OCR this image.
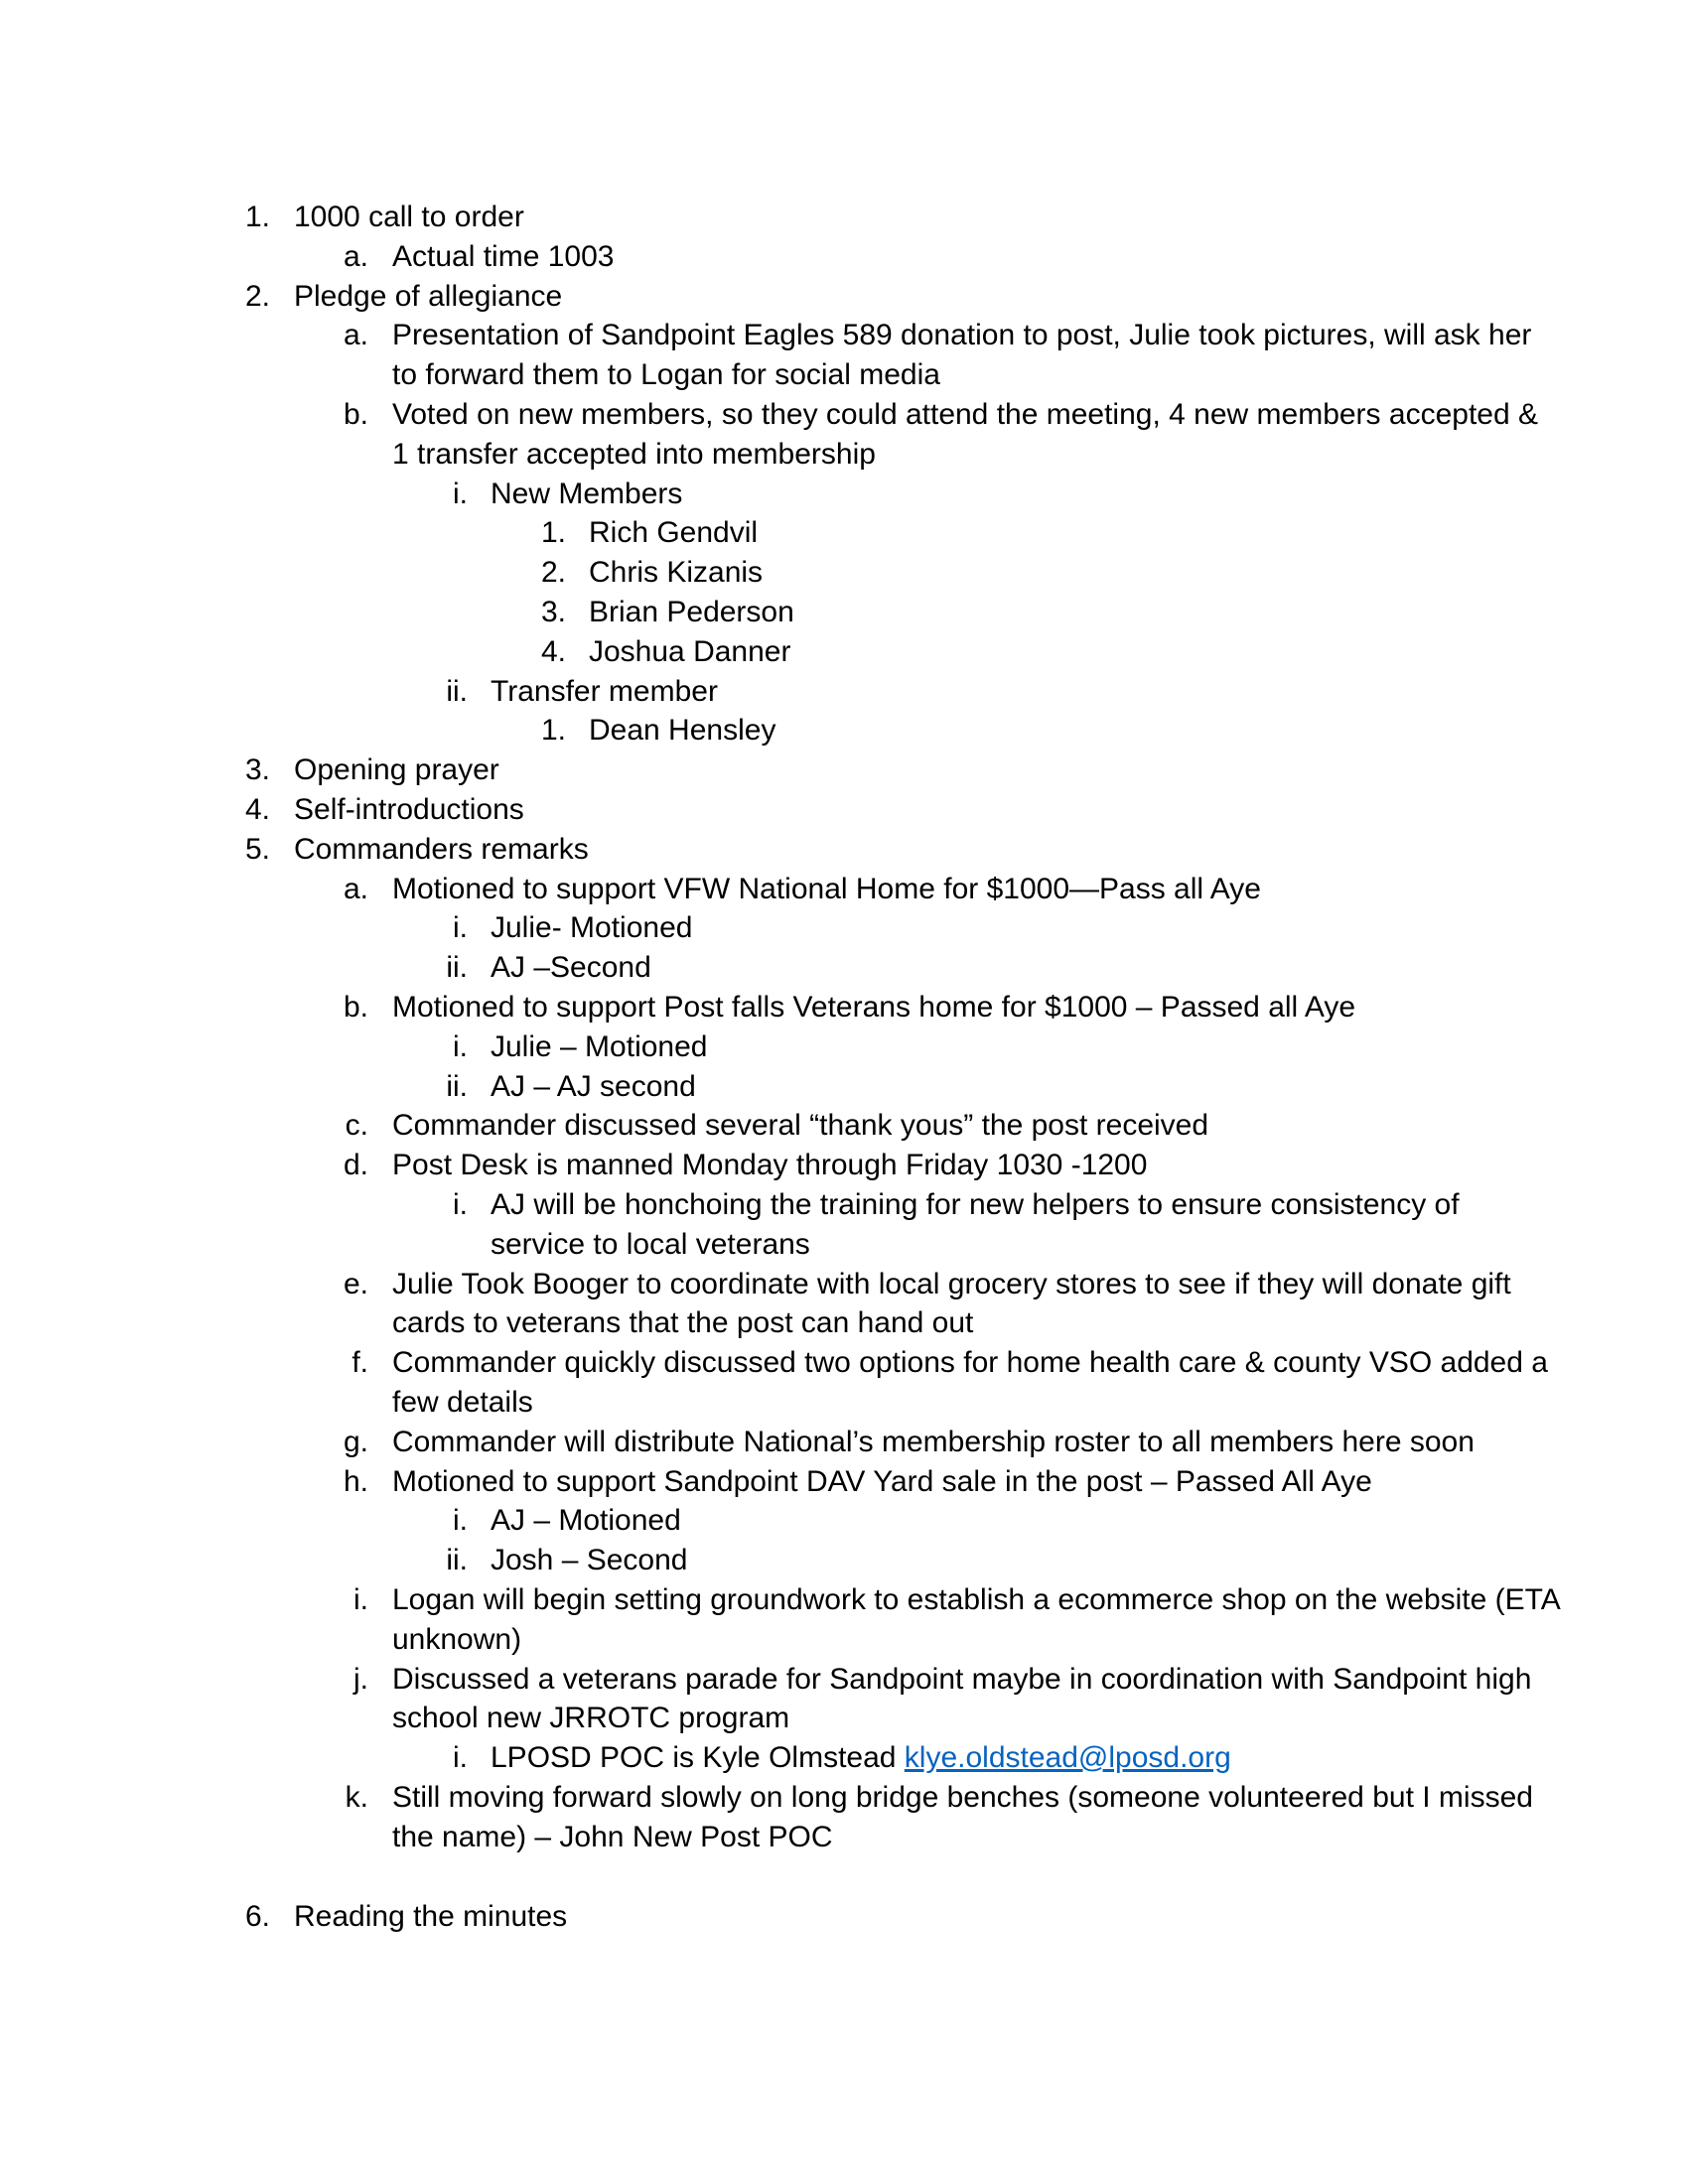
1. 1000 call to order
a. Actual time 1003
2. Pledge of allegiance
a. Presentation of Sandpoint Eagles 589 donation to post, Julie took pictures, will ask her
to forward them to Logan for social media
b. Voted on new members, so they could attend the meeting, 4 new members accepted &
1 transfer accepted into membership
i. New Members
1. Rich Gendvil
2. Chris Kizanis
3. Brian Pederson
4. Joshua Danner
ii. Transfer member
1. Dean Hensley
3. Opening prayer
4. Self-introductions
5. Commanders remarks
a. Motioned to support VFW National Home for $1000—Pass all Aye
i. Julie- Motioned
ii. AJ –Second
b. Motioned to support Post falls Veterans home for $1000 – Passed all Aye
i. Julie – Motioned
ii. AJ – AJ second
c. Commander discussed several “thank yous” the post received
d. Post Desk is manned Monday through Friday 1030 -1200
i. AJ will be honchoing the training for new helpers to ensure consistency of
service to local veterans
e. Julie Took Booger to coordinate with local grocery stores to see if they will donate gift
cards to veterans that the post can hand out
f. Commander quickly discussed two options for home health care & county VSO added a
few details
g. Commander will distribute National’s membership roster to all members here soon
h. Motioned to support Sandpoint DAV Yard sale in the post – Passed All Aye
i. AJ – Motioned
ii. Josh – Second
i. Logan will begin setting groundwork to establish a ecommerce shop on the website (ETA
unknown)
j. Discussed a veterans parade for Sandpoint maybe in coordination with Sandpoint high
school new JRROTC program
i. LPOSD POC is Kyle Olmstead klye.oldstead@lposd.org
k. Still moving forward slowly on long bridge benches (someone volunteered but I missed
the name) – John New Post POC
6. Reading the minutes
